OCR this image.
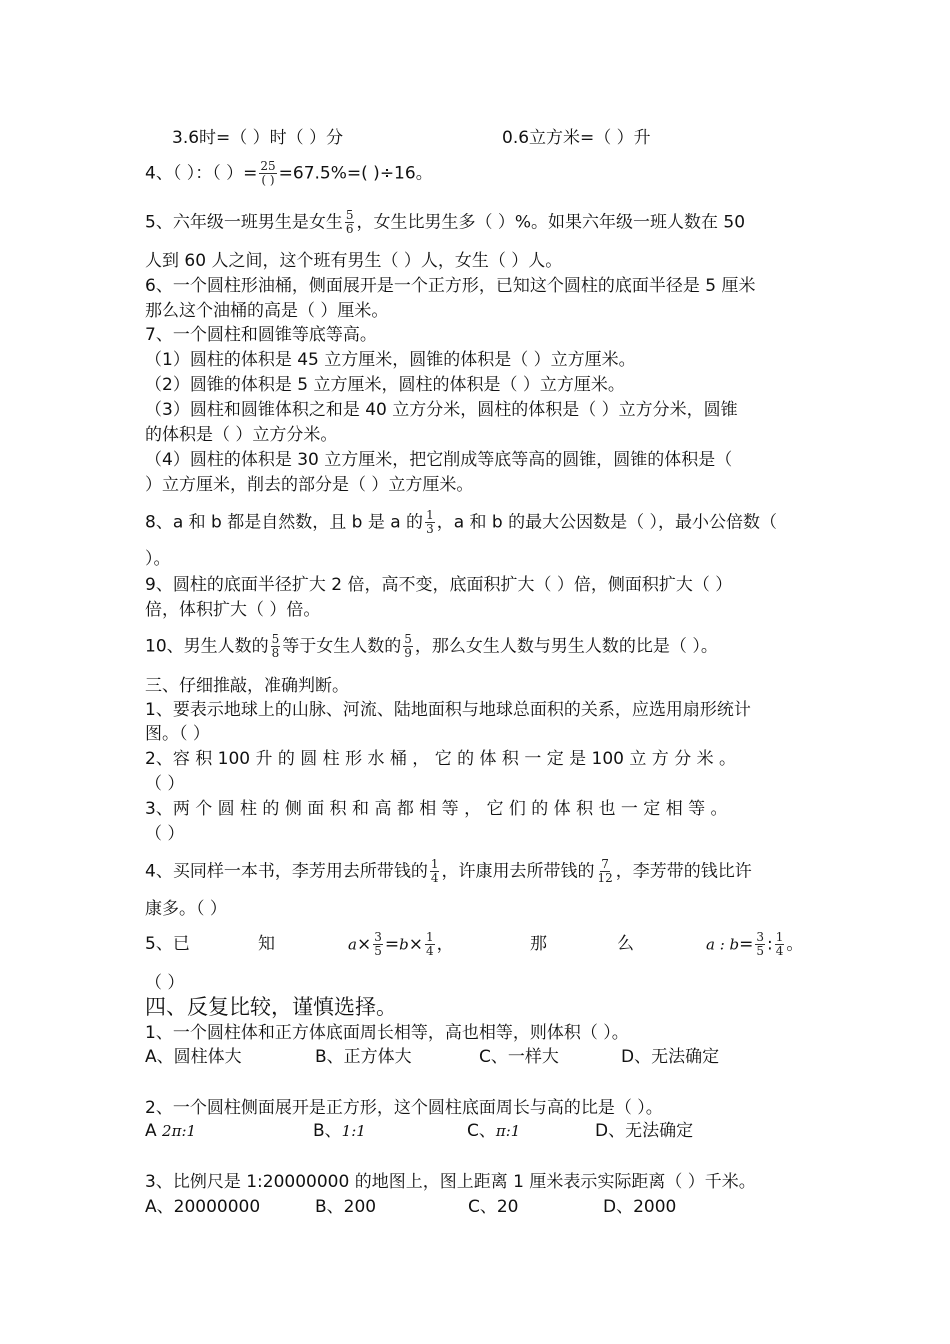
3.6时=（ ）时（ ）分	0.6立方米=（ ）升
4、（ ）：（ ）= 25
( ) =67.5%=( )÷16。
5、六年级一班男生是女生 $\frac{5}{6}$ ，女生比男生多（ ）%。如果六年级一班人数在 50
人到 60 人之间，这个班有男生（ ）人，女生（ ）人。
6、一个圆柱形油桶，侧面展开是一个正方形，已知这个圆柱的底面半径是 5 厘米
那么这个油桶的高是（ ）厘米。
7、一个圆柱和圆锥等底等高。
（1）圆柱的体积是 45 立方厘米，圆锥的体积是（ ）立方厘米。
（2）圆锥的体积是 5 立方厘米，圆柱的体积是（ ）立方厘米。
（3）圆柱和圆锥体积之和是 40 立方分米，圆柱的体积是（ ）立方分米，圆锥
的体积是（ ）立方分米。
（4）圆柱的体积是 30 立方厘米，把它削成等底等高的圆锥，圆锥的体积是（
）立方厘米，削去的部分是（ ）立方厘米。
8、a 和 b 都是自然数，且 b 是 a 的 $\frac{1}{3}$ ，a 和 b 的最大公因数是（ ），最小公倍数（
）。
9、圆柱的底面半径扩大 2 倍，高不变，底面积扩大（ ）倍，侧面积扩大（ ）
倍，体积扩大（ ）倍。
10、男生人数的 $\frac{5}{8}$ 等于女生人数的 $\frac{5}{9}$ ，那么女生人数与男生人数的比是（ ）。
三、仔细推敲，准确判断。
1、要表示地球上的山脉、河流、陆地面积与地球总面积的关系，应选用扇形统计
图。（ ）
2、容 积 100 升 的 圆 柱 形 水 桶 ， 它 的 体 积 一 定 是 100 立 方 分 米 。
（ ）
3、两 个 圆 柱 的 侧 面 积 和 高 都 相 等 ， 它 们 的 体 积 也 一 定 相 等 。
（ ）
4、买同样一本书，李芳用去所带钱的 $\frac{1}{4}$ ，许康用去所带钱的 $\frac{7}{12}$ ，李芳带的钱比许
康多。（ ）
5、已	知	$a\times \frac{3}{5} =b\times \frac{1}{4}$ ，	那	么	a : $b= \frac{3}{5}$ : $\frac{1}{4}$ 。
（ ）
四、反复比较，谨慎选择。
1、一个圆柱体和正方体底面周长相等，高也相等，则体积（ ）。
A、圆柱体大	B、正方体大	C、一样大	D、无法确定
2、一个圆柱侧面展开是正方形，这个圆柱底面周长与高的比是（ ）。
A 2π:1	B、1:1	C、π:1	D、无法确定
3、比例尺是 1:20000000 的地图上，图上距离 1 厘米表示实际距离（ ）千米。
A、20000000	B、200	C、20	D、2000
